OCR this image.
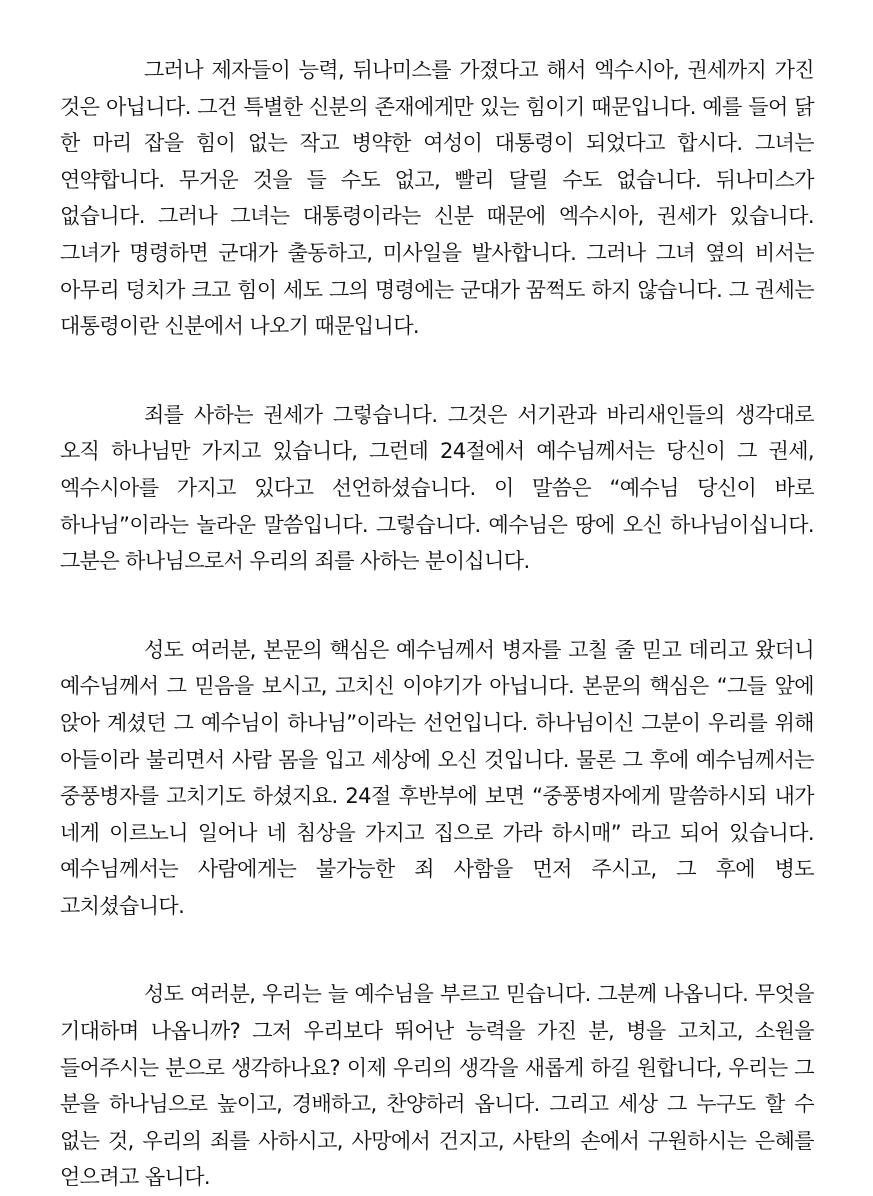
그러나 제자들이 능력, 뒤나미스를 가졌다고 해서 엑수시아, 권세까지 가진 것은 아닙니다. 그건 특별한 신분의 존재에게만 있는 힘이기 때문입니다. 예를 들어 닭 한 마리 잡을 힘이 없는 작고 병약한 여성이 대통령이 되었다고 합시다. 그녀는 연약합니다. 무거운 것을 들 수도 없고, 빨리 달릴 수도 없습니다. 뒤나미스가 없습니다. 그러나 그녀는 대통령이라는 신분 때문에 엑수시아, 권세가 있습니다. 그녀가 명령하면 군대가 출동하고, 미사일을 발사합니다. 그러나 그녀 옆의 비서는 아무리 덩치가 크고 힘이 세도 그의 명령에는 군대가 꿈쩍도 하지 않습니다. 그 권세는 대통령이란 신분에서 나오기 때문입니다.

죄를 사하는 권세가 그렇습니다. 그것은 서기관과 바리새인들의 생각대로 오직 하나님만 가지고 있습니다, 그런데 24절에서 예수님께서는 당신이 그 권세, 엑수시아를 가지고 있다고 선언하셨습니다. 이 말씀은 “예수님 당신이 바로 하나님”이라는 놀라운 말씀입니다. 그렇습니다. 예수님은 땅에 오신 하나님이십니다. 그분은 하나님으로서 우리의 죄를 사하는 분이십니다.

성도 여러분, 본문의 핵심은 예수님께서 병자를 고칠 줄 믿고 데리고 왔더니 예수님께서 그 믿음을 보시고, 고치신 이야기가 아닙니다. 본문의 핵심은 “그들 앞에 앉아 계셨던 그 예수님이 하나님”이라는 선언입니다. 하나님이신 그분이 우리를 위해 아들이라 불리면서 사람 몸을 입고 세상에 오신 것입니다. 물론 그 후에 예수님께서는 중풍병자를 고치기도 하셨지요. 24절 후반부에 보면 “중풍병자에게 말씀하시되 내가 네게 이르노니 일어나 네 침상을 가지고 집으로 가라 하시매” 라고 되어 있습니다. 예수님께서는 사람에게는 불가능한 죄 사함을 먼저 주시고, 그 후에 병도 고치셨습니다.

성도 여러분, 우리는 늘 예수님을 부르고 믿습니다. 그분께 나옵니다. 무엇을 기대하며 나옵니까? 그저 우리보다 뛰어난 능력을 가진 분, 병을 고치고, 소원을 들어주시는 분으로 생각하나요? 이제 우리의 생각을 새롭게 하길 원합니다, 우리는 그 분을 하나님으로 높이고, 경배하고, 찬양하러 옵니다. 그리고 세상 그 누구도 할 수 없는 것, 우리의 죄를 사하시고, 사망에서 건지고, 사탄의 손에서 구원하시는 은혜를 얻으려고 옵니다.
